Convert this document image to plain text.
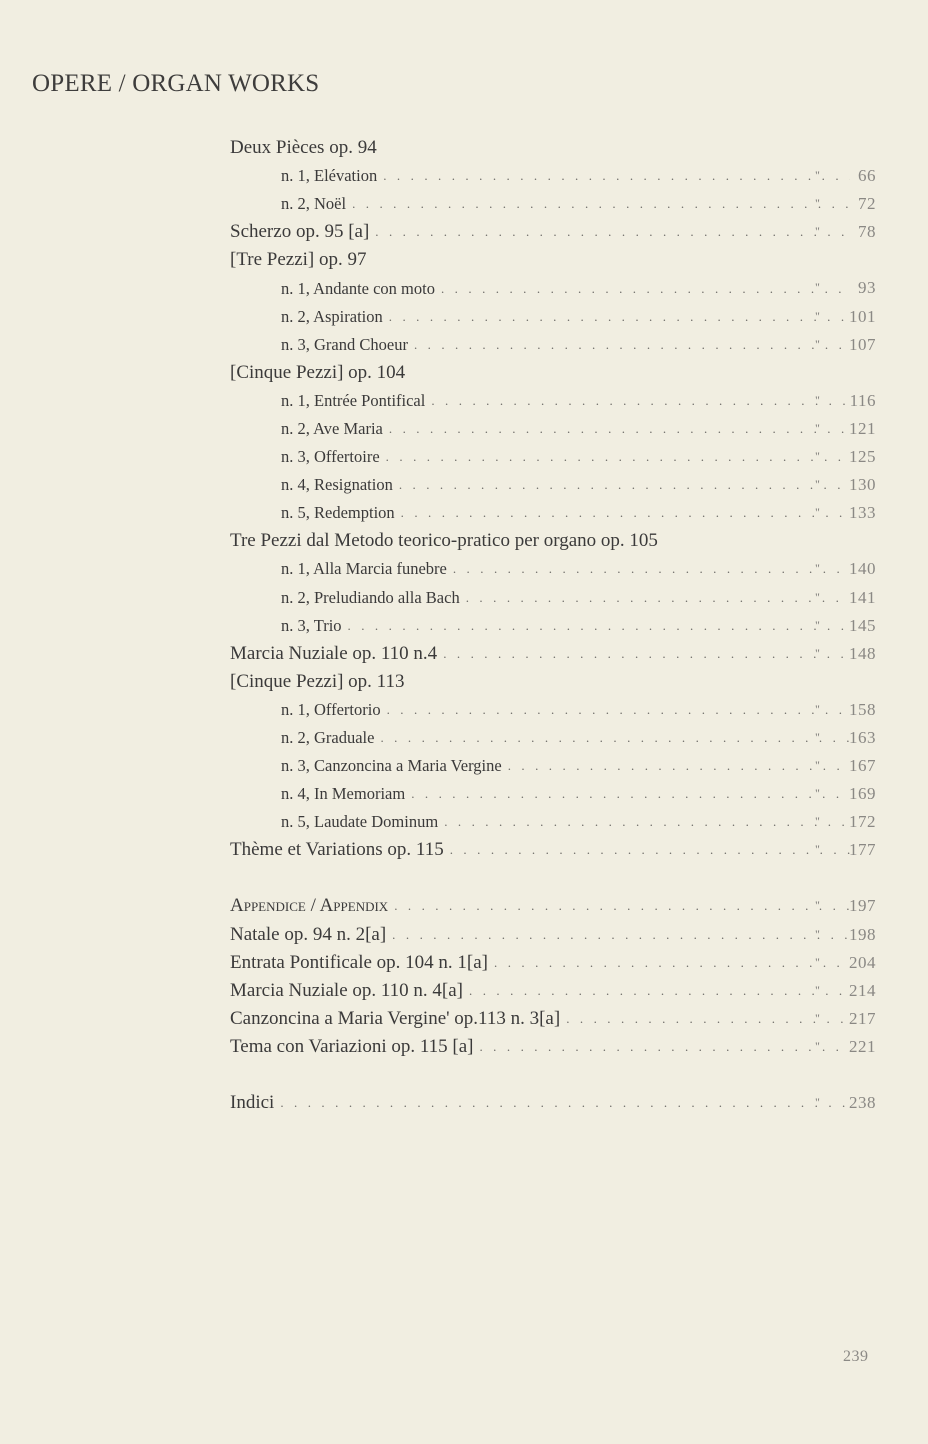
OPERE / ORGAN WORKS
Deux Pièces op. 94
n. 1, Elévation . . .	" 66
n. 2, Noël . . .	" 72
Scherzo op. 95 [a] . . .	" 78
[Tre Pezzi] op. 97
n. 1, Andante con moto . . .	" 93
n. 2, Aspiration . . .	" 101
n. 3, Grand Choeur . . .	" 107
[Cinque Pezzi] op. 104
n. 1, Entrée Pontifical . . .	" 116
n. 2, Ave Maria . . .	" 121
n. 3, Offertoire . . .	" 125
n. 4, Resignation . . .	" 130
n. 5, Redemption . . .	" 133
Tre Pezzi dal Metodo teorico-pratico per organo op. 105
n. 1, Alla Marcia funebre . . .	" 140
n. 2, Preludiando alla Bach . . .	" 141
n. 3, Trio . . .	" 145
Marcia Nuziale op. 110 n.4 . . .	" 148
[Cinque Pezzi] op. 113
n. 1, Offertorio . . .	" 158
n. 2, Graduale . . .	" 163
n. 3, Canzoncina a Maria Vergine . . .	" 167
n. 4, In Memoriam . . .	" 169
n. 5, Laudate Dominum . . .	" 172
Thème et Variations op. 115 . . .	" 177
Appendice / Appendix . . .	" 197
Natale op. 94 n. 2[a] . . .	" 198
Entrata Pontificale op. 104 n. 1[a] . . .	" 204
Marcia Nuziale op. 110 n. 4[a] . . .	" 214
Canzoncina a Maria Vergine' op.113 n. 3[a] . . .	" 217
Tema con Variazioni op. 115 [a] . . .	" 221
Indici . . .	" 238
239
